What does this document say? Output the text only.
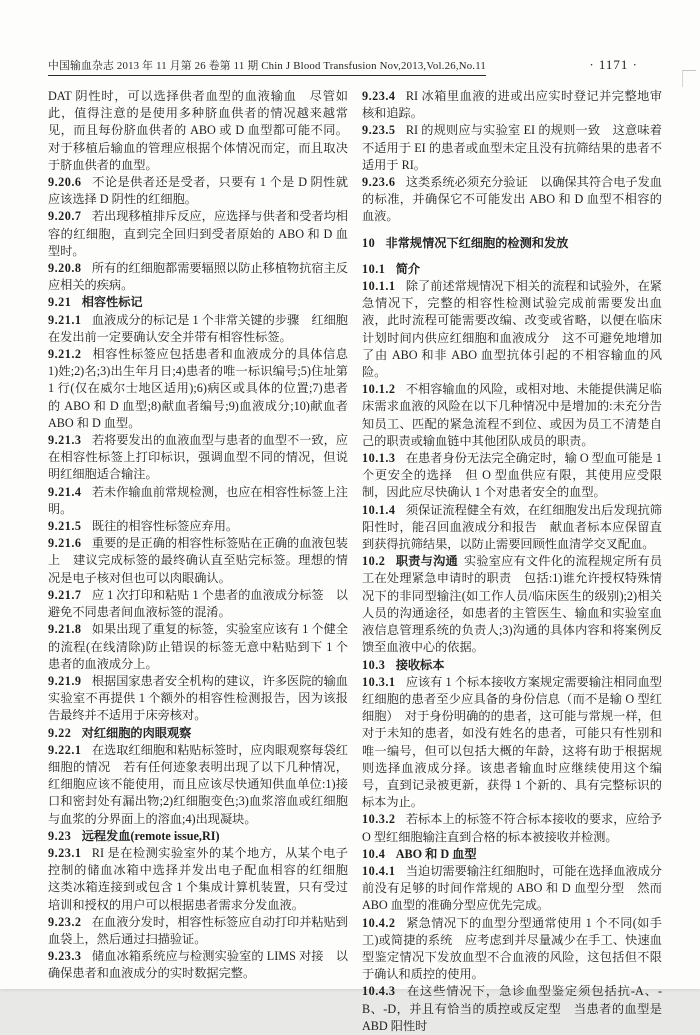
中国输血杂志 2013 年 11 月第 26 卷第 11 期 Chin J Blood Transfusion Nov,2013,Vol.26,No.11	· 1171 ·

DAT 阴性时，可以选择供者血型的血液输血　尽管如此，值得注意的是使用多种脐血供者的情况越来越常见，而且每份脐血供者的 ABO 或 D 血型都可能不同。对于移植后输血的管理应根据个体情况而定，而且取决于脐血供者的血型。

9.20.6 不论是供者还是受者，只要有 1 个是 D 阴性就应该选择 D 阴性的红细胞。

9.20.7 若出现移植排斥反应，应选择与供者和受者均相容的红细胞，直到完全回归到受者原始的 ABO 和 D 血型时。

9.20.8 所有的红细胞都需要辐照以防止移植物抗宿主反应相关的疾病。

9.21 相容性标记

9.21.1 血液成分的标记是 1 个非常关键的步骤　红细胞在发出前一定要确认安全并带有相容性标签。

9.21.2 相容性标签应包括患者和血液成分的具体信息 1)姓;2)名;3)出生年月日;4)患者的唯一标识编号;5)住址第 1 行(仅在威尔士地区适用);6)病区或具体的位置;7)患者的 ABO 和 D 血型;8)献血者编号;9)血液成分;10)献血者 ABO 和 D 血型。

9.21.3 若将要发出的血液血型与患者的血型不一致，应在相容性标签上打印标识，强调血型不同的情况，但说明红细胞适合输注。

9.21.4 若未作输血前常规检测，也应在相容性标签上注明。

9.21.5 既往的相容性标签应弃用。

9.21.6 重要的是正确的相容性标签贴在正确的血液包装上　建议完成标签的最终确认直至贴完标签。理想的情况是电子核对但也可以肉眼确认。

9.21.7 应 1 次打印和粘贴 1 个患者的血液成分标签　以避免不同患者间血液标签的混淆。

9.21.8 如果出现了重复的标签，实验室应该有 1 个健全的流程(在线清除)防止错误的标签无意中粘贴到下 1 个患者的血液成分上。

9.21.9 根据国家患者安全机构的建议，许多医院的输血实验室不再提供 1 个额外的相容性检测报告，因为该报告最终并不适用于床旁核对。

9.22 对红细胞的肉眼观察

9.22.1 在选取红细胞和粘贴标签时，应肉眼观察每袋红细胞的情况　若有任何迹象表明出现了以下几种情况，红细胞应该不能使用，而且应该尽快通知供血单位:1)接口和密封处有漏出物;2)红细胞变色;3)血浆溶血或红细胞与血浆的分界面上的溶血;4)出现凝块。

9.23 远程发血(remote issue,RI)

9.23.1 RI 是在检测实验室外的某个地方，从某个电子控制的储血冰箱中选择并发出电子配血相容的红细胞　这类冰箱连接到或包含 1 个集成计算机装置，只有受过培训和授权的用户可以根据患者需求分发血液。

9.23.2 在血液分发时，相容性标签应自动打印并粘贴到血袋上，然后通过扫描验证。

9.23.3 储血冰箱系统应与检测实验室的 LIMS 对接　以确保患者和血液成分的实时数据完整。

9.23.4 RI 冰箱里血液的进或出应实时登记并完整地审核和追踪。

9.23.5 RI 的规则应与实验室 EI 的规则一致　这意味着不适用于 EI 的患者或血型未定且没有抗筛结果的患者不适用于 RI。

9.23.6 这类系统必须充分验证　以确保其符合电子发血的标准，并确保它不可能发出 ABO 和 D 血型不相容的血液。

10 非常规情况下红细胞的检测和发放

10.1 简介

10.1.1 除了前述常规情况下相关的流程和试验外，在紧急情况下，完整的相容性检测试验完成前需要发出血液，此时流程可能需要改编、改变或省略，以便在临床计划时间内供应红细胞和血液成分　这不可避免地增加了由 ABO 和非 ABO 血型抗体引起的不相容输血的风险。

10.1.2 不相容输血的风险，或相对地、未能提供满足临床需求血液的风险在以下几种情况中是增加的:未充分告知员工、匹配的紧急流程不到位、或因为员工不清楚自己的职责或输血链中其他团队成员的职责。

10.1.3 在患者身份无法完全确定时，输 O 型血可能是 1 个更安全的选择　但 O 型血供应有限，其使用应受限制，因此应尽快确认 1 个对患者安全的血型。

10.1.4 须保证流程健全有效，在红细胞发出后发现抗筛阳性时，能召回血液成分和报告　献血者标本应保留直到获得抗筛结果，以防止需要回顾性血清学交叉配血。

10.2 职责与沟通 实验室应有文件化的流程规定所有员工在处理紧急申请时的职责　包括:1)谁允许授权特殊情况下的非同型输注(如工作人员/临床医生的级别);2)相关人员的沟通途径，如患者的主管医生、输血和实验室血液信息管理系统的负责人;3)沟通的具体内容和将案例反馈至血液中心的依据。

10.3 接收标本

10.3.1 应该有 1 个标本接收方案规定需要输注相同血型红细胞的患者至少应具备的身份信息（而不是输 O 型红细胞）　对于身份明确的的患者，这可能与常规一样，但对于未知的患者，如没有姓名的患者，可能只有性别和唯一编号，但可以包括大概的年龄，这将有助于根据规则选择血液成分择。该患者输血时应继续使用这个编号，直到记录被更新，获得 1 个新的、具有完整标识的标本为止。

10.3.2 若标本上的标签不符合标本接收的要求，应给予 O 型红细胞输注直到合格的标本被接收并检测。

10.4 ABO 和 D 血型

10.4.1 当迫切需要输注红细胞时，可能在选择血液成分前没有足够的时间作常规的 ABO 和 D 血型分型　然而 ABO 血型的准确分型应优先完成。

10.4.2 紧急情况下的血型分型通常使用 1 个不同(如手工)或简捷的系统　应考虑到并尽量减少在手工、快速血型鉴定情况下发放血型不合血液的风险，这包括但不限于确认和质控的使用。

10.4.3 在这些情况下，急诊血型鉴定须包括抗-A、-B、-D，并且有恰当的质控或反定型　当患者的血型是 ABD 阳性时
